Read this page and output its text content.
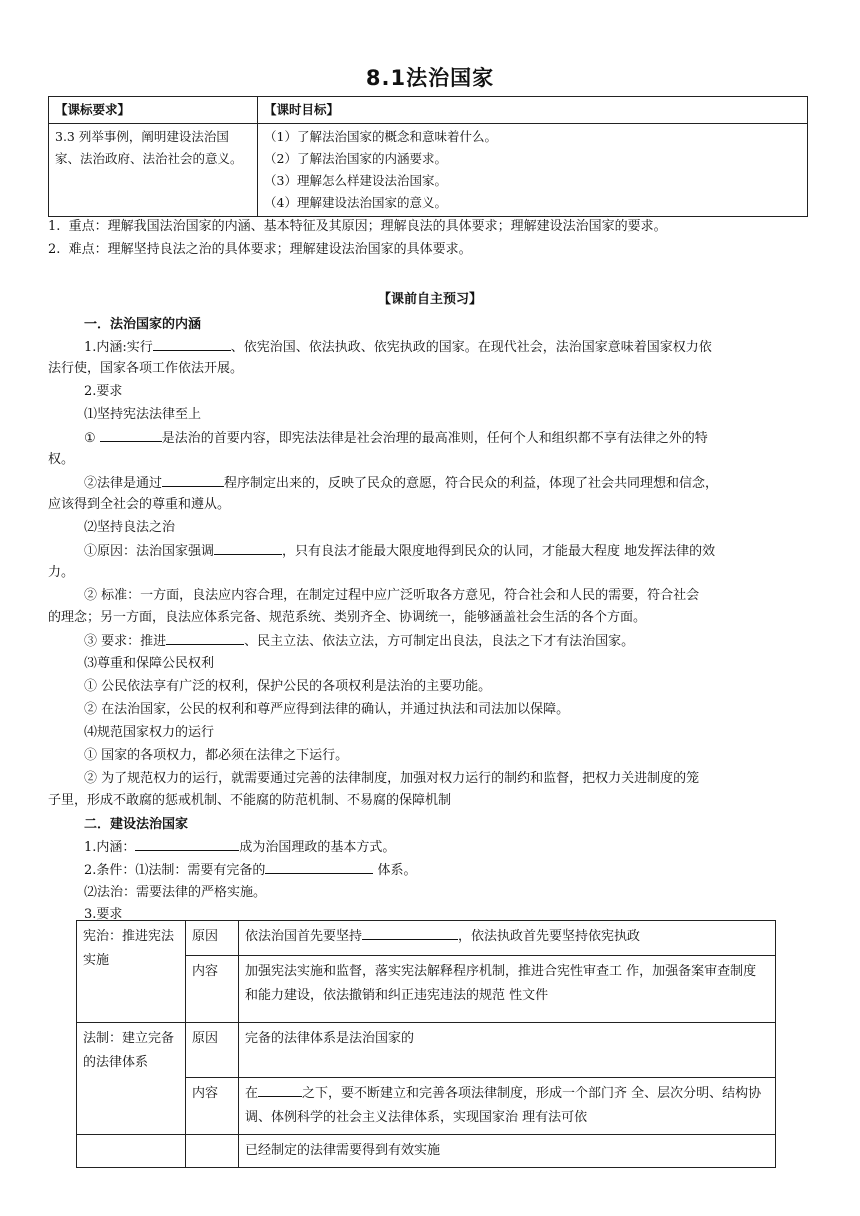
8.1法治国家
【课标要求】	【课时目标】
3.3 列举事例，阐明建设法治国家、法治政府、法治社会的意义。	（1）了解法治国家的概念和意味着什么。
（2）了解法治国家的内涵要求。
（3）理解怎么样建设法治国家。
（4）理解建设法治国家的意义。
1.  重点：理解我国法治国家的内涵、基本特征及其原因；理解良法的具体要求；理解建设法治国家的要求。
2.  难点：理解坚持良法之治的具体要求；理解建设法治国家的具体要求。
【课前自主预习】
一．法治国家的内涵
1.内涵:实行	、依宪治国、依法执政、依宪执政的国家。在现代社会，法治国家意味着国家权力依
法行使，国家各项工作依法开展。
2.要求
⑴坚持宪法法律至上
①	是法治的首要内容，即宪法法律是社会治理的最高准则，任何个人和组织都不享有法律之外的特
权。
②法律是通过	程序制定出来的，反映了民众的意愿，符合民众的利益，体现了社会共同理想和信念，
应该得到全社会的尊重和遵从。
⑵坚持良法之治
①原因：法治国家强调	，只有良法才能最大限度地得到民众的认同，才能最大程度 地发挥法律的效
力。
② 标准：一方面，良法应内容合理，在制定过程中应广泛听取各方意见，符合社会和人民的需要，符合社会
的理念；另一方面，良法应体系完备、规范系统、类别齐全、协调统一，能够涵盖社会生活的各个方面。
③ 要求：推进	、民主立法、依法立法，方可制定出良法，良法之下才有法治国家。
⑶尊重和保障公民权利
① 公民依法享有广泛的权利，保护公民的各项权利是法治的主要功能。
② 在法治国家，公民的权利和尊严应得到法律的确认，并通过执法和司法加以保障。
⑷规范国家权力的运行
① 国家的各项权力，都必须在法律之下运行。
② 为了规范权力的运行，就需要通过完善的法律制度，加强对权力运行的制约和监督，把权力关进制度的笼
子里，形成不敢腐的惩戒机制、不能腐的防范机制、不易腐的保障机制
二．建设法治国家
1.内涵：	成为治国理政的基本方式。
2.条件：⑴法制：需要有完备的	体系。
⑵法治：需要法律的严格实施。
3.要求
宪治：推进宪法实施	原因	依法治国首先要坚持 ，依法执政首先要坚持依宪执政
	内容	加强宪法实施和监督，落实宪法解释程序机制，推进合宪性审查工 作，加强备案审查制度和能力建设，依法撤销和纠正违宪违法的规范 性文件
法制：建立完备的法律体系	原因	完备的法律体系是法治国家的
	内容	在 之下，要不断建立和完善各项法律制度，形成一个部门齐 全、层次分明、结构协调、体例科学的社会主义法律体系，实现国家治 理有法可依
		已经制定的法律需要得到有效实施
